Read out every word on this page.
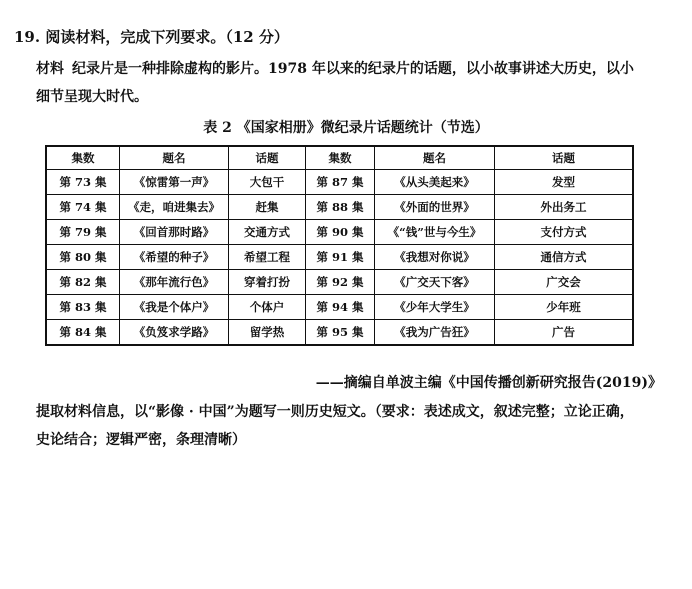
19. 阅读材料，完成下列要求。（12 分）
材料 纪录片是一种排除虚构的影片。1978 年以来的纪录片的话题，以小故事讲述大历史，以小细节呈现大时代。
表 2 《国家相册》微纪录片话题统计（节选）
集数	题名	话题	集数	题名	话题
第 73 集	《惊雷第一声》	大包干	第 87 集	《从头美起来》	发型
第 74 集	《走，咱进集去》	赶集	第 88 集	《外面的世界》	外出务工
第 79 集	《回首那时路》	交通方式	第 90 集	《“钱”世与今生》	支付方式
第 80 集	《希望的种子》	希望工程	第 91 集	《我想对你说》	通信方式
第 82 集	《那年流行色》	穿着打扮	第 92 集	《广交天下客》	广交会
第 83 集	《我是个体户》	个体户	第 94 集	《少年大学生》	少年班
第 84 集	《负笈求学路》	留学热	第 95 集	《我为广告狂》	广告
——摘编自单波主编《中国传播创新研究报告(2019)》
提取材料信息，以“影像 · 中国”为题写一则历史短文。（要求：表述成文，叙述完整；立论正确，史论结合；逻辑严密，条理清晰）
